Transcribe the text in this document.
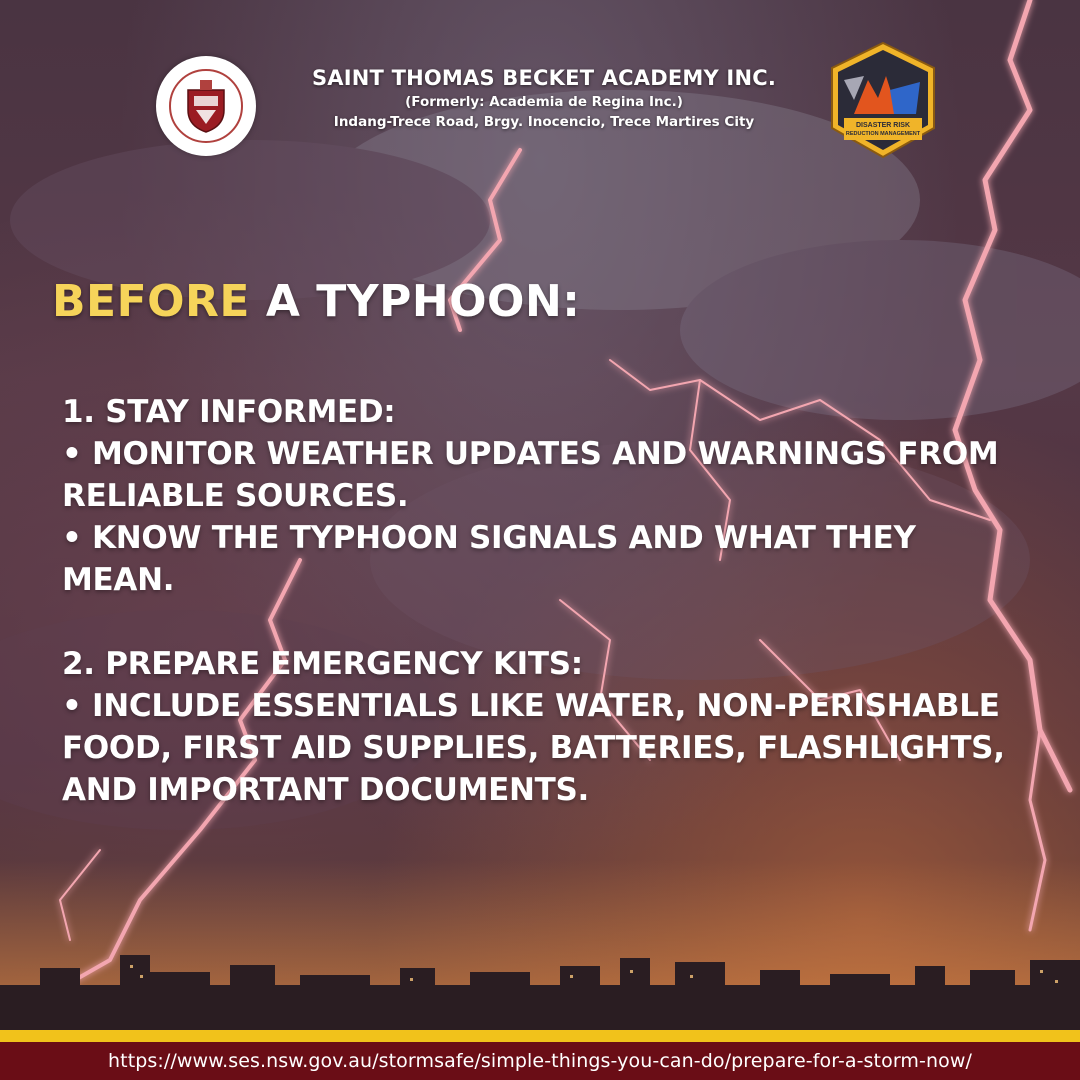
SAINT THOMAS BECKET ACADEMY INC.
(Formerly: Academia de Regina Inc.)
Indang-Trece Road, Brgy. Inocencio, Trece Martires City	DISASTER RISK
REDUCTION MANAGEMENT
2024
BEFORE A TYPHOON:
1. STAY INFORMED:
• MONITOR WEATHER UPDATES AND WARNINGS FROM RELIABLE SOURCES.
• KNOW THE TYPHOON SIGNALS AND WHAT THEY MEAN.
2. PREPARE EMERGENCY KITS:
• INCLUDE ESSENTIALS LIKE WATER, NON-PERISHABLE FOOD, FIRST AID SUPPLIES, BATTERIES, FLASHLIGHTS, AND IMPORTANT DOCUMENTS.
https://www.ses.nsw.gov.au/stormsafe/simple-things-you-can-do/prepare-for-a-storm-now/
